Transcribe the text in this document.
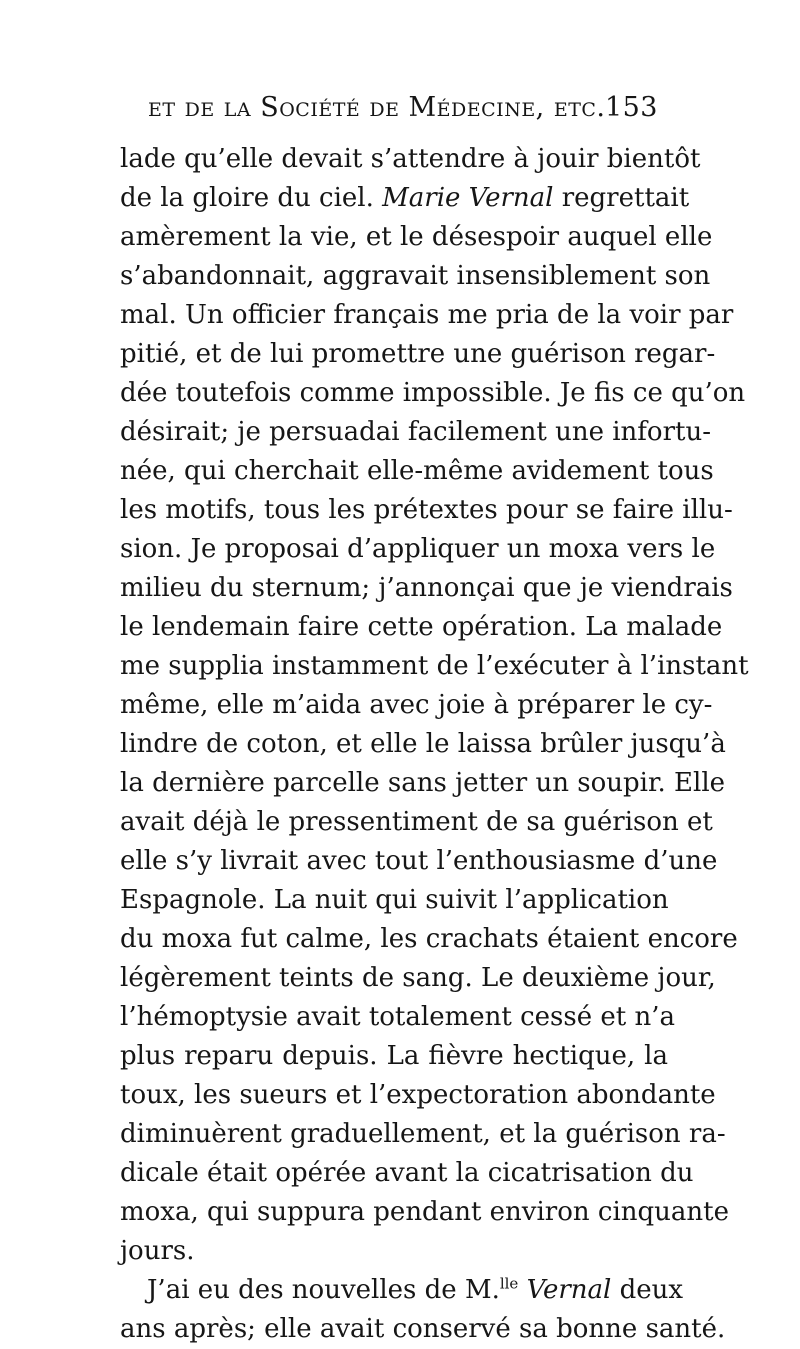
et de la Société de Médecine, etc. 153
lade qu’elle devait s’attendre à jouir bientôt
de la gloire du ciel. Marie Vernal regrettait
amèrement la vie, et le désespoir auquel elle
s’abandonnait, aggravait insensiblement son
mal. Un officier français me pria de la voir par
pitié, et de lui promettre une guérison regar-
dée toutefois comme impossible. Je fis ce qu’on
désirait; je persuadai facilement une infortu-
née, qui cherchait elle-même avidement tous
les motifs, tous les prétextes pour se faire illu-
sion. Je proposai d’appliquer un moxa vers le
milieu du sternum; j’annonçai que je viendrais
le lendemain faire cette opération. La malade
me supplia instamment de l’exécuter à l’instant
même, elle m’aida avec joie à préparer le cy-
lindre de coton, et elle le laissa brûler jusqu’à
la dernière parcelle sans jetter un soupir. Elle
avait déjà le pressentiment de sa guérison et
elle s’y livrait avec tout l’enthousiasme d’une
Espagnole. La nuit qui suivit l’application
du moxa fut calme, les crachats étaient encore
légèrement teints de sang. Le deuxième jour,
l’hémoptysie avait totalement cessé et n’a
plus reparu depuis. La fièvre hectique, la
toux, les sueurs et l’expectoration abondante
diminuèrent graduellement, et la guérison ra-
dicale était opérée avant la cicatrisation du
moxa, qui suppura pendant environ cinquante
jours.
J’ai eu des nouvelles de M.$^{lle}$ Vernal deux
ans après; elle avait conservé sa bonne santé.
